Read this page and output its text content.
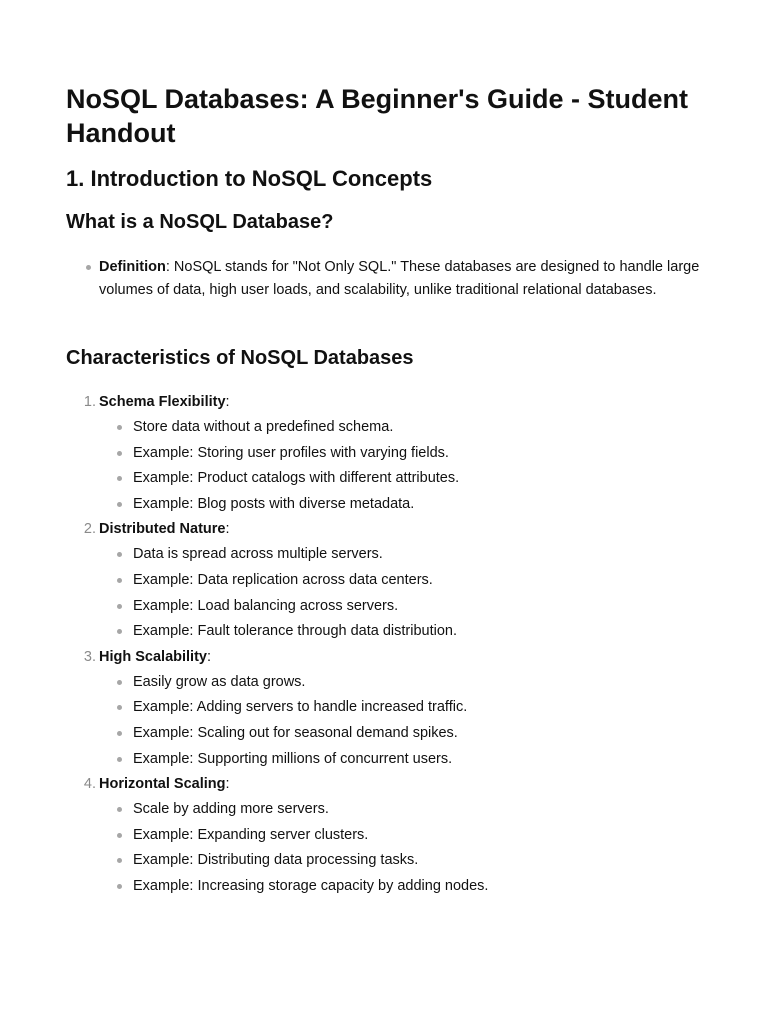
NoSQL Databases: A Beginner's Guide - Student Handout
1. Introduction to NoSQL Concepts
What is a NoSQL Database?
Definition: NoSQL stands for "Not Only SQL." These databases are designed to handle large volumes of data, high user loads, and scalability, unlike traditional relational databases.
Characteristics of NoSQL Databases
1. Schema Flexibility:
Store data without a predefined schema.
Example: Storing user profiles with varying fields.
Example: Product catalogs with different attributes.
Example: Blog posts with diverse metadata.
2. Distributed Nature:
Data is spread across multiple servers.
Example: Data replication across data centers.
Example: Load balancing across servers.
Example: Fault tolerance through data distribution.
3. High Scalability:
Easily grow as data grows.
Example: Adding servers to handle increased traffic.
Example: Scaling out for seasonal demand spikes.
Example: Supporting millions of concurrent users.
4. Horizontal Scaling:
Scale by adding more servers.
Example: Expanding server clusters.
Example: Distributing data processing tasks.
Example: Increasing storage capacity by adding nodes.
